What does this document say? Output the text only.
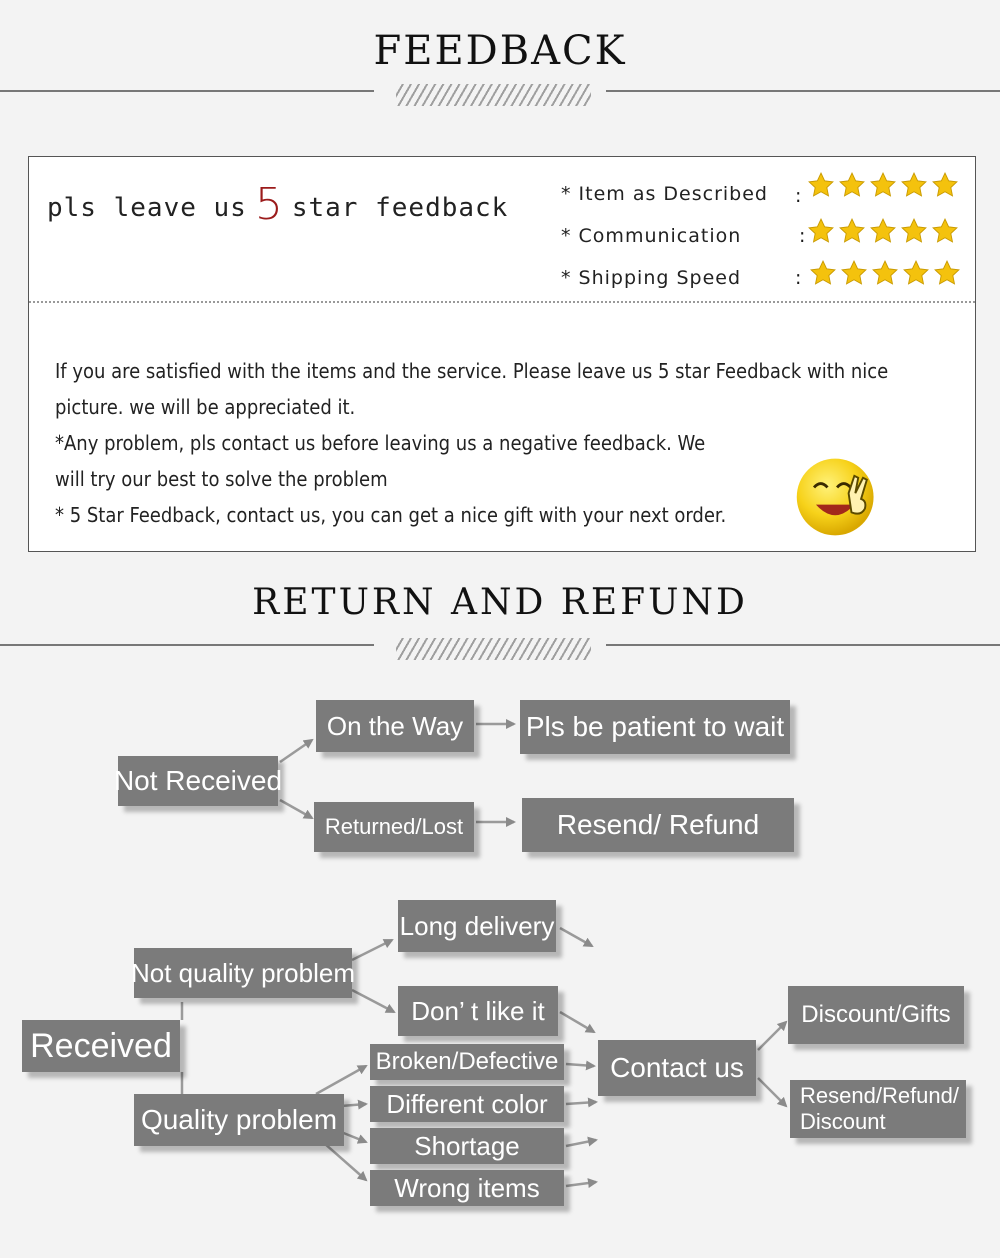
FEEDBACK
pls leave us 5 star feedback	* Item as Described	:
* Communication	:
* Shipping Speed	:
If you are satisfied with the items and the service. Please leave us 5 star Feedback with nice
picture. we will be appreciated it.
*Any problem, pls contact us before leaving us a negative feedback. We
will try our best to solve the problem
* 5 Star Feedback, contact us, you can get a nice gift with your next order.
RETURN AND REFUND
Not Received
On the Way	Pls be patient to wait
Returned/Lost	Resend/ Refund
Received
Not quality problem
Long delivery
Don’ t like it
Quality problem
Broken/Defective
Different color
Shortage
Wrong items
Contact us
Discount/Gifts
Resend/Refund/
Discount
